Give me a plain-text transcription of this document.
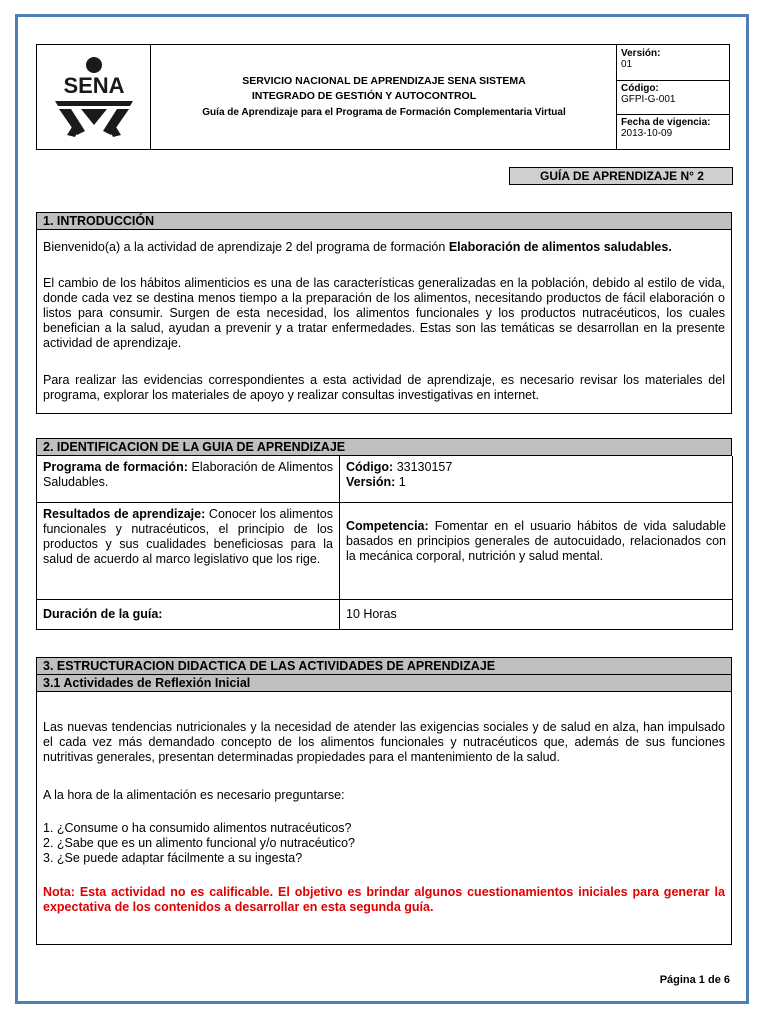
SENA	SERVICIO NACIONAL DE APRENDIZAJE SENA SISTEMA
INTEGRADO DE GESTIÓN Y AUTOCONTROL
Guía de Aprendizaje para el Programa de Formación Complementaria Virtual
Versión:
01
Código:
GFPI-G-001
Fecha de vigencia:
2013-10-09
GUÍA DE APRENDIZAJE N° 2
1. INTRODUCCIÓN
Bienvenido(a) a la actividad de aprendizaje 2 del programa de formación Elaboración de alimentos saludables.
El cambio de los hábitos alimenticios es una de las características generalizadas en la población, debido al estilo de vida, donde cada vez se destina menos tiempo a la preparación de los alimentos, necesitando productos de fácil elaboración o listos para consumir. Surgen de esta necesidad, los alimentos funcionales y los productos nutracéuticos, los cuales benefician a la salud, ayudan a prevenir y a tratar enfermedades. Estas son las temáticas se desarrollan en la presente actividad de aprendizaje.
Para realizar las evidencias correspondientes a esta actividad de aprendizaje, es necesario revisar los materiales del programa, explorar los materiales de apoyo y realizar consultas investigativas en internet.
2. IDENTIFICACION DE LA GUIA DE APRENDIZAJE
Programa de formación: Elaboración de Alimentos Saludables.
Código: 33130157
Versión: 1
Resultados de aprendizaje: Conocer los alimentos funcionales y nutracéuticos, el principio de los productos y sus cualidades beneficiosas para la salud de acuerdo al marco legislativo que los rige.
Competencia: Fomentar en el usuario hábitos de vida saludable basados en principios generales de autocuidado, relacionados con la mecánica corporal, nutrición y salud mental.
Duración de la guía:	10 Horas
3. ESTRUCTURACION DIDACTICA DE LAS ACTIVIDADES DE APRENDIZAJE
3.1 Actividades de Reflexión Inicial
Las nuevas tendencias nutricionales y la necesidad de atender las exigencias sociales y de salud en alza, han impulsado el cada vez más demandado concepto de los alimentos funcionales y nutracéuticos que, además de sus funciones nutritivas generales, presentan determinadas propiedades para el mantenimiento de la salud.
A la hora de la alimentación es necesario preguntarse:
1. ¿Consume o ha consumido alimentos nutracéuticos?
2. ¿Sabe que es un alimento funcional y/o nutracéutico?
3. ¿Se puede adaptar fácilmente a su ingesta?
Nota: Esta actividad no es calificable. El objetivo es brindar algunos cuestionamientos iniciales para generar la expectativa de los contenidos a desarrollar en esta segunda guía.
Página 1 de 6
